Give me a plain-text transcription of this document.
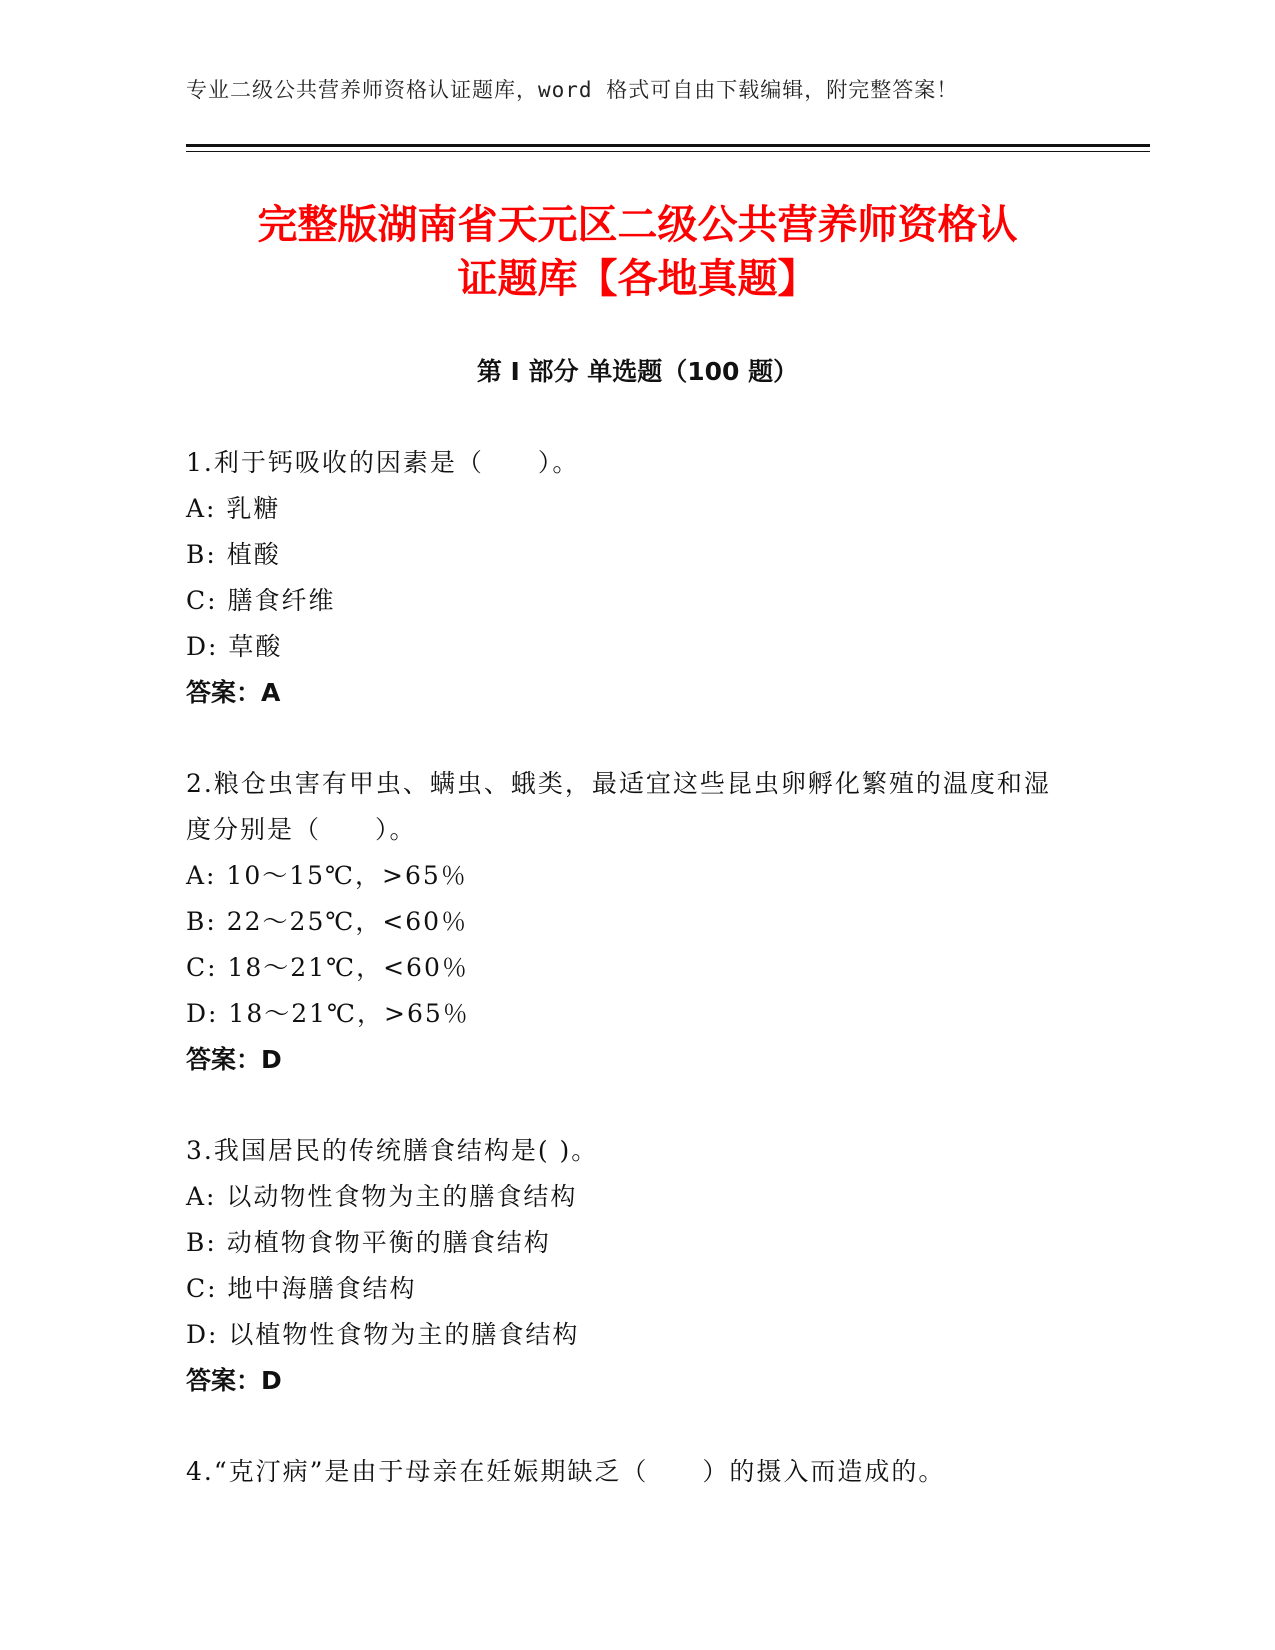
专业二级公共营养师资格认证题库，word 格式可自由下载编辑，附完整答案！
完整版湖南省天元区二级公共营养师资格认
证题库【各地真题】
第 I 部分 单选题（100 题）
1.利于钙吸收的因素是（　　）。
A: 乳糖
B: 植酸
C: 膳食纤维
D: 草酸
答案：A
2.粮仓虫害有甲虫、螨虫、蛾类，最适宜这些昆虫卵孵化繁殖的温度和湿度分别是（　　）。
A: 10～15℃，>65％
B: 22～25℃，<60％
C: 18～21℃，<60％
D: 18～21℃，>65％
答案：D
3.我国居民的传统膳食结构是( )。
A: 以动物性食物为主的膳食结构
B: 动植物食物平衡的膳食结构
C: 地中海膳食结构
D: 以植物性食物为主的膳食结构
答案：D
4.“克汀病”是由于母亲在妊娠期缺乏（　　）的摄入而造成的。
